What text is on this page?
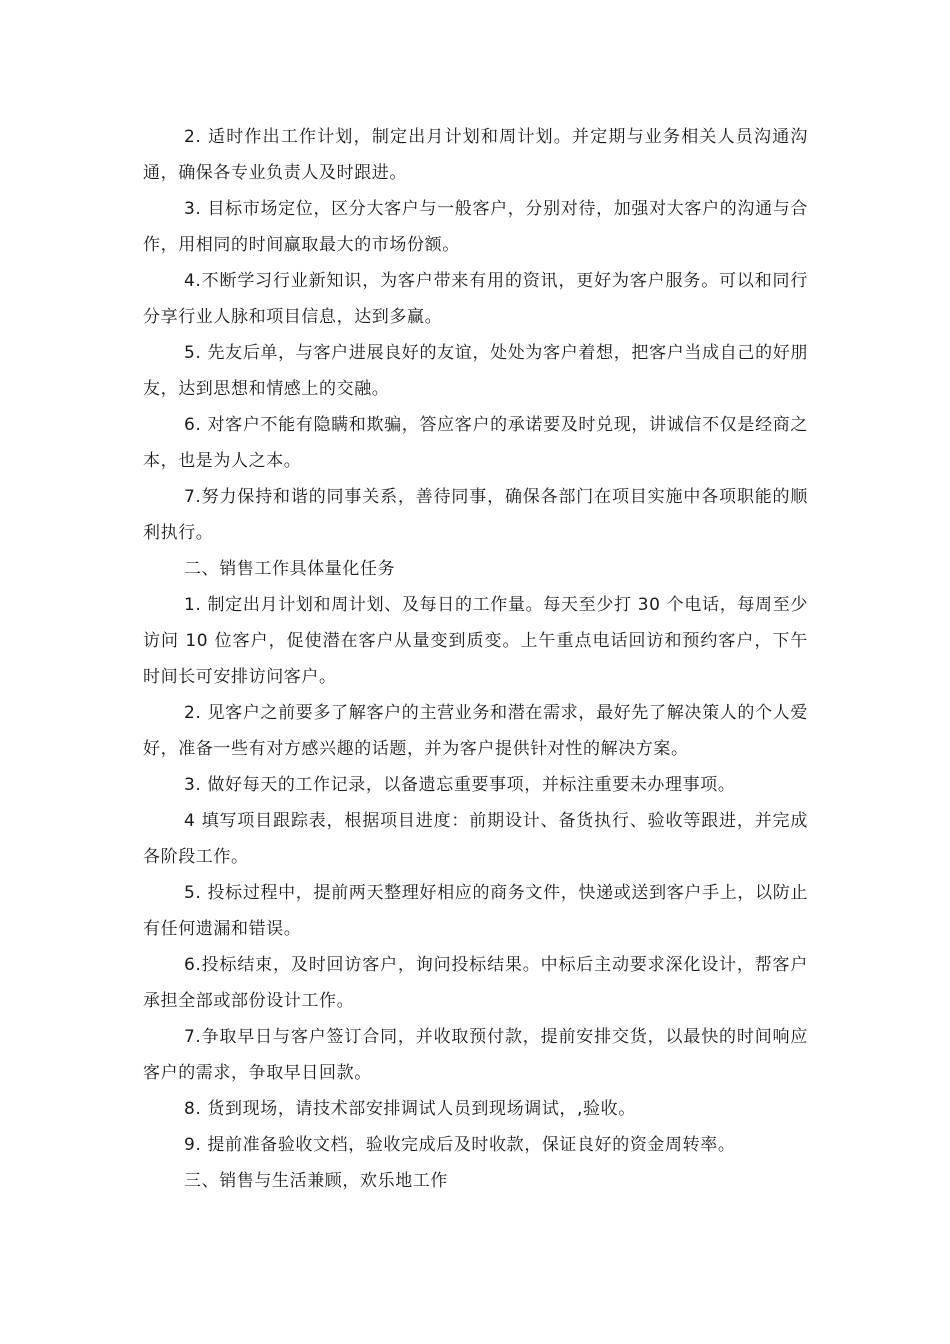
2. 适时作出工作计划，制定出月计划和周计划。并定期与业务相关人员沟通沟通，确保各专业负责人及时跟进。

3. 目标市场定位，区分大客户与一般客户，分别对待，加强对大客户的沟通与合作，用相同的时间赢取最大的市场份额。

4.不断学习行业新知识，为客户带来有用的资讯，更好为客户服务。可以和同行分享行业人脉和项目信息，达到多赢。

5. 先友后单，与客户进展良好的友谊，处处为客户着想，把客户当成自己的好朋友，达到思想和情感上的交融。

6. 对客户不能有隐瞒和欺骗，答应客户的承诺要及时兑现，讲诚信不仅是经商之本，也是为人之本。

7.努力保持和谐的同事关系，善待同事，确保各部门在项目实施中各项职能的顺利执行。

二、销售工作具体量化任务

1. 制定出月计划和周计划、及每日的工作量。每天至少打 30 个电话，每周至少访问 10 位客户，促使潜在客户从量变到质变。上午重点电话回访和预约客户，下午时间长可安排访问客户。

2. 见客户之前要多了解客户的主营业务和潜在需求，最好先了解决策人的个人爱好，准备一些有对方感兴趣的话题，并为客户提供针对性的解决方案。

3. 做好每天的工作记录，以备遗忘重要事项，并标注重要未办理事项。

4 填写项目跟踪表，根据项目进度：前期设计、备货执行、验收等跟进，并完成各阶段工作。

5. 投标过程中，提前两天整理好相应的商务文件，快递或送到客户手上，以防止有任何遗漏和错误。

6.投标结束，及时回访客户，询问投标结果。中标后主动要求深化设计，帮客户承担全部或部份设计工作。

7.争取早日与客户签订合同，并收取预付款，提前安排交货，以最快的时间响应客户的需求，争取早日回款。

8. 货到现场，请技术部安排调试人员到现场调试，,验收。

9. 提前准备验收文档，验收完成后及时收款，保证良好的资金周转率。

三、销售与生活兼顾，欢乐地工作
